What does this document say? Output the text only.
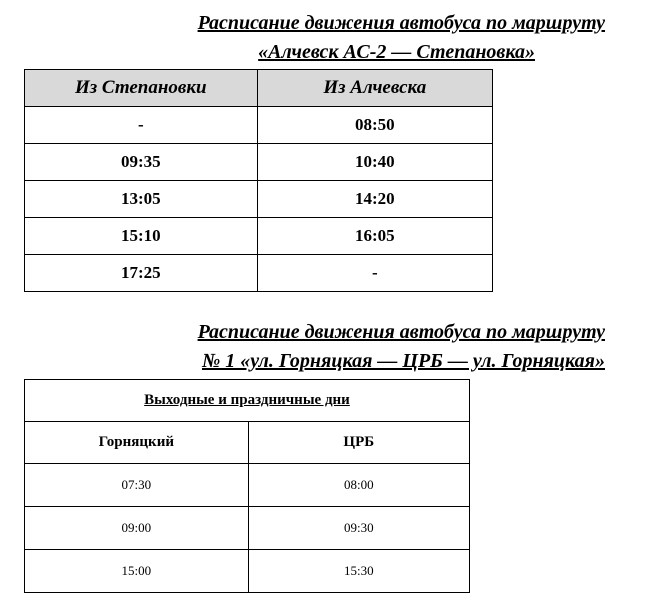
Расписание движения автобуса по маршруту
«Алчевск АС-2 — Степановка»
Из Степановки	Из Алчевска
-	08:50
09:35	10:40
13:05	14:20
15:10	16:05
17:25	-
Расписание движения автобуса по маршруту
№ 1 «ул. Горняцкая — ЦРБ — ул. Горняцкая»
Выходные и праздничные дни	
Горняцкий	ЦРБ
07:30	08:00
09:00	09:30
15:00	15:30
